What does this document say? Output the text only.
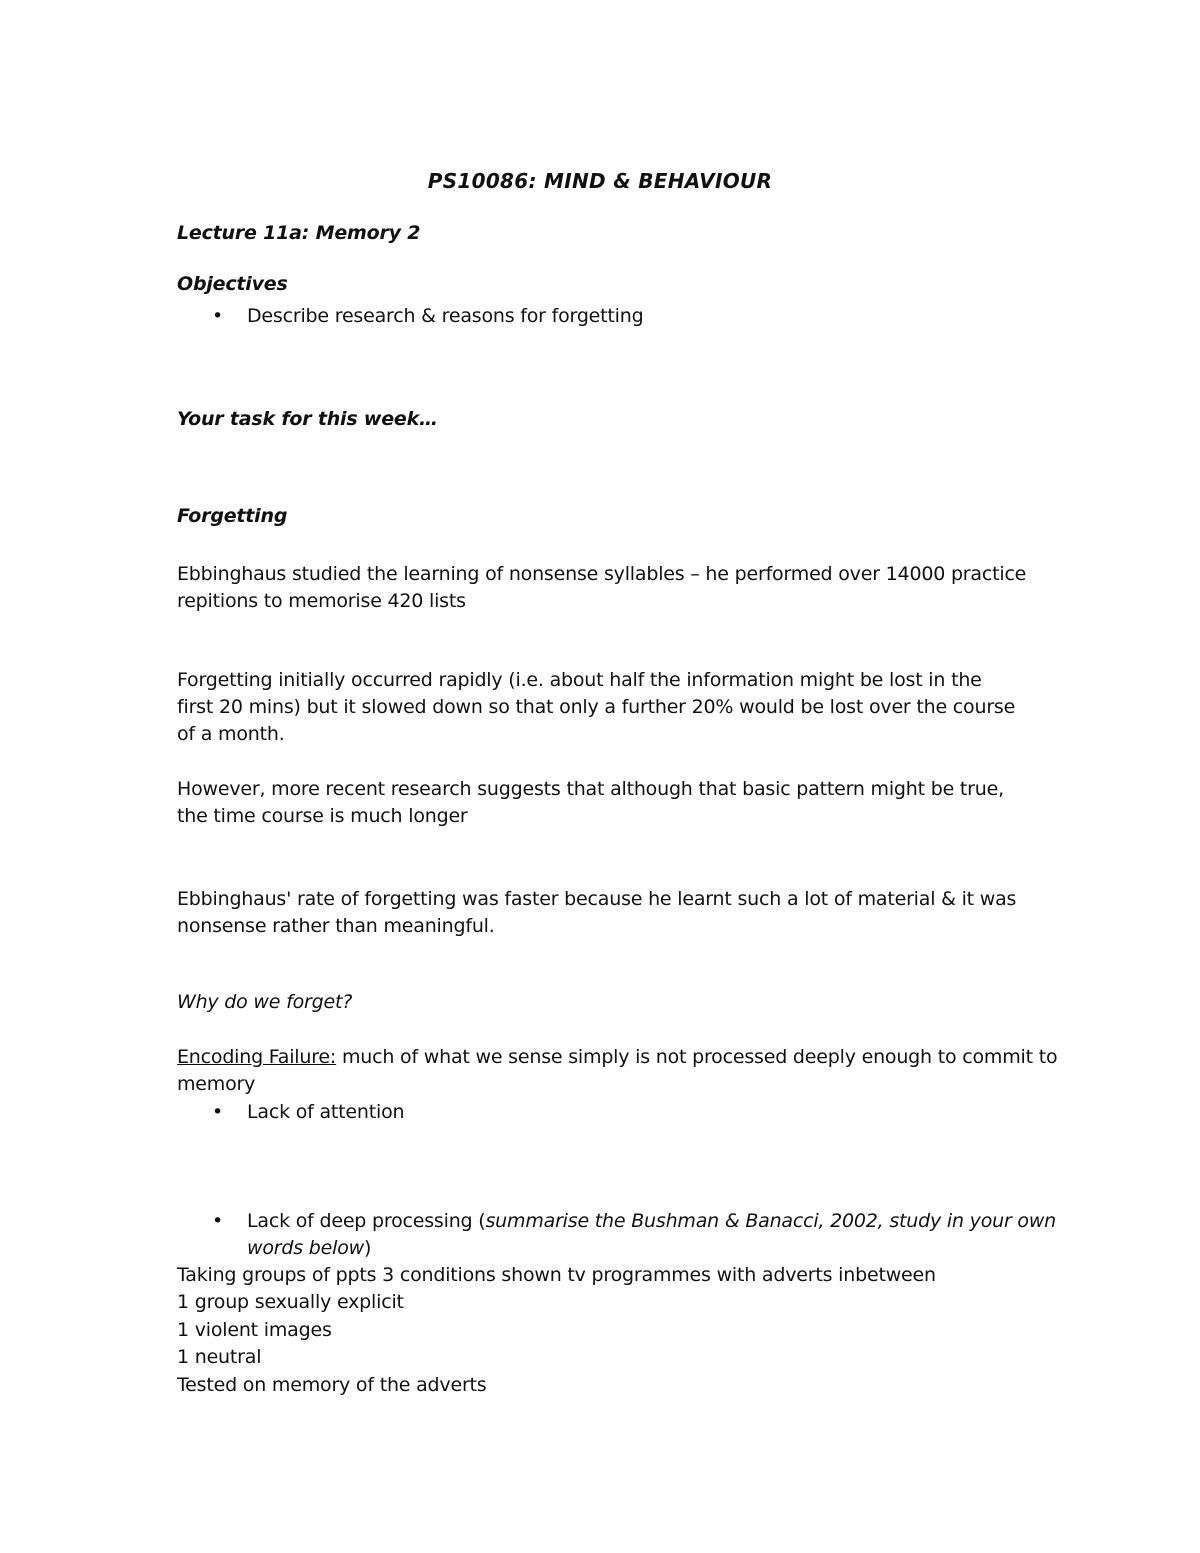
PS10086: MIND & BEHAVIOUR
Lecture 11a: Memory 2
Objectives
• Describe research & reasons for forgetting
Your task for this week…
Forgetting
Ebbinghaus studied the learning of nonsense syllables – he performed over 14000 practice
repitions to memorise 420 lists
Forgetting initially occurred rapidly (i.e. about half the information might be lost in the
first 20 mins) but it slowed down so that only a further 20% would be lost over the course
of a month.
However, more recent research suggests that although that basic pattern might be true,
the time course is much longer
Ebbinghaus' rate of forgetting was faster because he learnt such a lot of material & it was
nonsense rather than meaningful.
Why do we forget?
Encoding Failure: much of what we sense simply is not processed deeply enough to commit to
memory
• Lack of attention
• Lack of deep processing (summarise the Bushman & Banacci, 2002, study in your own
words below)
Taking groups of ppts 3 conditions shown tv programmes with adverts inbetween
1 group sexually explicit
1 violent images
1 neutral
Tested on memory of the adverts
